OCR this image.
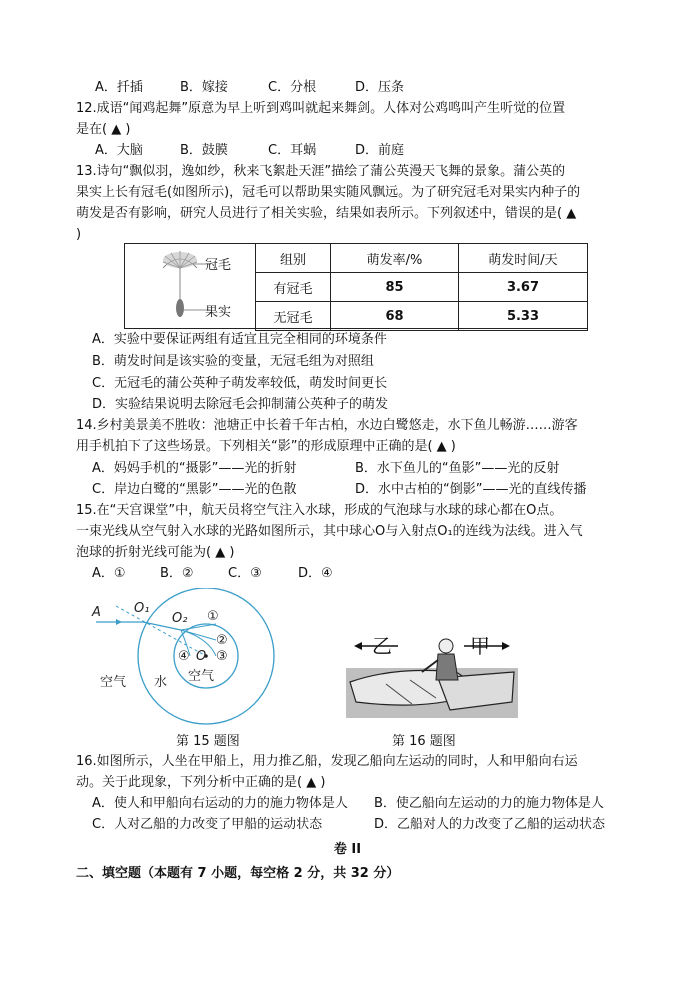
A．扦插	B．嫁接	C．分根	D．压条
12.成语“闻鸡起舞”原意为早上听到鸡叫就起来舞剑。人体对公鸡鸣叫产生听觉的位置
是在( ▲ )
A．大脑	B．鼓膜	C．耳蜗	D．前庭
13.诗句“飘似羽，逸如纱，秋来飞絮赴天涯”描绘了蒲公英漫天飞舞的景象。蒲公英的
果实上长有冠毛(如图所示)，冠毛可以帮助果实随风飘远。为了研究冠毛对果实内种子的
萌发是否有影响，研究人员进行了相关实验，结果如表所示。下列叙述中，错误的是( ▲
)
冠毛
果实
组别	萌发率/%	萌发时间/天
有冠毛	85	3.67
无冠毛	68	5.33
A．实验中要保证两组有适宜且完全相同的环境条件
B．萌发时间是该实验的变量，无冠毛组为对照组
C．无冠毛的蒲公英种子萌发率较低，萌发时间更长
D．实验结果说明去除冠毛会抑制蒲公英种子的萌发
14.乡村美景美不胜收：池塘正中长着千年古柏，水边白鹭悠走，水下鱼儿畅游……游客
用手机拍下了这些场景。下列相关“影”的形成原理中正确的是( ▲ )
A．妈妈手机的“摄影”——光的折射	B．水下鱼儿的“鱼影”——光的反射
C．岸边白鹭的“黑影”——光的色散	D．水中古柏的“倒影”——光的直线传播
15.在“天宫课堂”中，航天员将空气注入水球，形成的气泡球与水球的球心都在O点。
一束光线从空气射入水球的光路如图所示，其中球心O与入射点O₁的连线为法线。进入气
泡球的折射光线可能为( ▲ )
A．①	B．②	C．③	D．④
A	O₁
O₂ ①
②
③
④ O
空气 水 空气
第 15 题图
乙	甲
第 16 题图
16.如图所示，人坐在甲船上，用力推乙船，发现乙船向左运动的同时，人和甲船向右运
动。关于此现象，下列分析中正确的是( ▲ )
A．使人和甲船向右运动的力的施力物体是人 B．使乙船向左运动的力的施力物体是人
C．人对乙船的力改变了甲船的运动状态	D．乙船对人的力改变了乙船的运动状态
卷 II
二、填空题（本题有 7 小题，每空格 2 分，共 32 分）
